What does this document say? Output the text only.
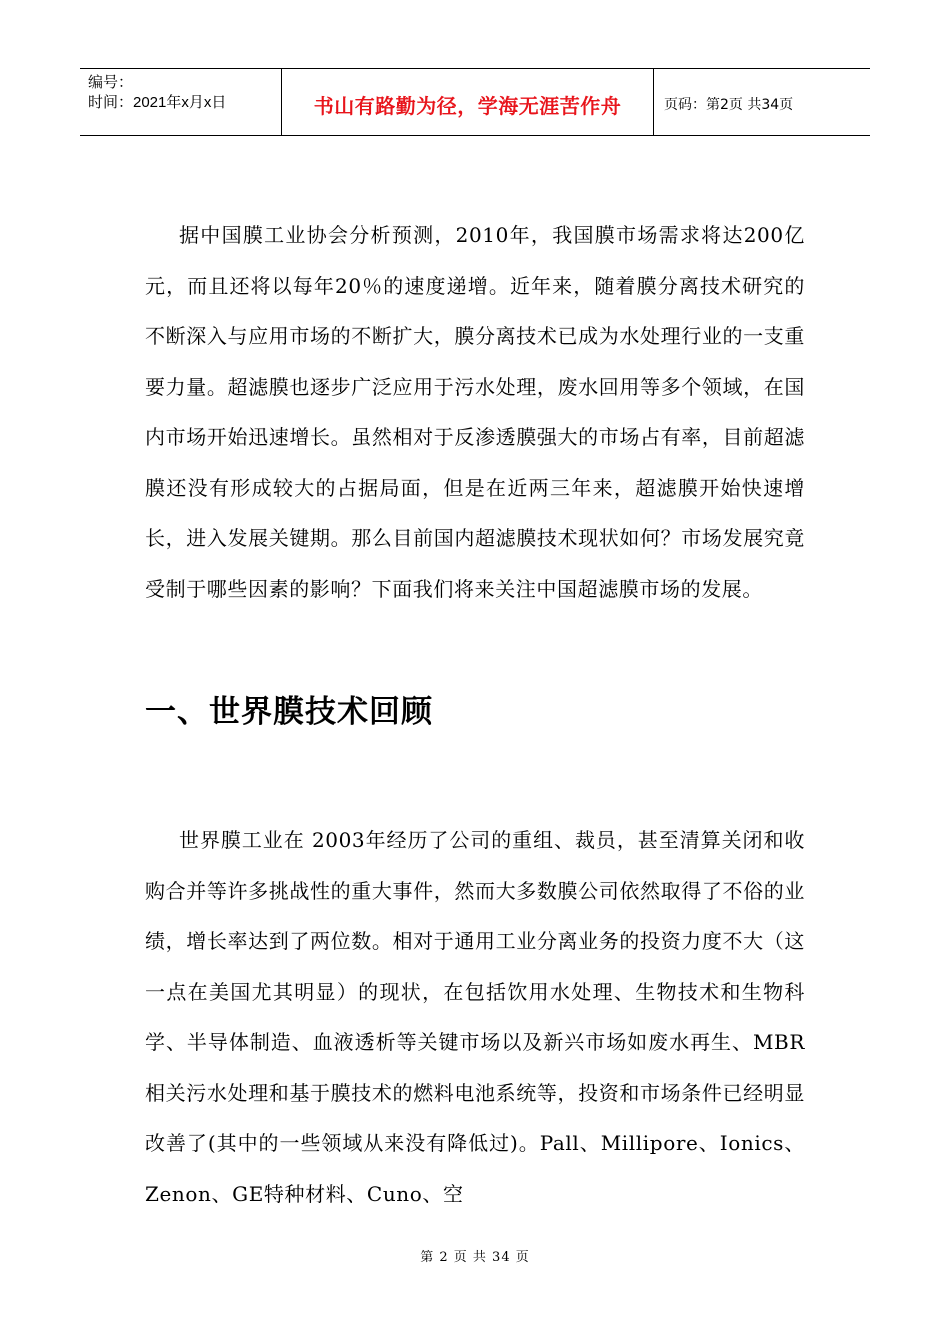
编号：
时间：2021年x月x日	书山有路勤为径，学海无涯苦作舟	页码：第2页 共34页

据中国膜工业协会分析预测，2010年，我国膜市场需求将达200亿元，而且还将以每年20％的速度递增。近年来，随着膜分离技术研究的不断深入与应用市场的不断扩大，膜分离技术已成为水处理行业的一支重要力量。超滤膜也逐步广泛应用于污水处理，废水回用等多个领域，在国内市场开始迅速增长。虽然相对于反渗透膜强大的市场占有率，目前超滤膜还没有形成较大的占据局面，但是在近两三年来，超滤膜开始快速增长，进入发展关键期。那么目前国内超滤膜技术现状如何？市场发展究竟受制于哪些因素的影响？下面我们将来关注中国超滤膜市场的发展。

一、世界膜技术回顾

世界膜工业在 2003年经历了公司的重组、裁员，甚至清算关闭和收购合并等许多挑战性的重大事件，然而大多数膜公司依然取得了不俗的业绩，增长率达到了两位数。相对于通用工业分离业务的投资力度不大（这一点在美国尤其明显）的现状，在包括饮用水处理、生物技术和生物科学、半导体制造、血液透析等关键市场以及新兴市场如废水再生、MBR相关污水处理和基于膜技术的燃料电池系统等，投资和市场条件已经明显改善了(其中的一些领域从来没有降低过)。Pall、Millipore、Ionics、Zenon、GE特种材料、Cuno、空

第 2 页 共 34 页
